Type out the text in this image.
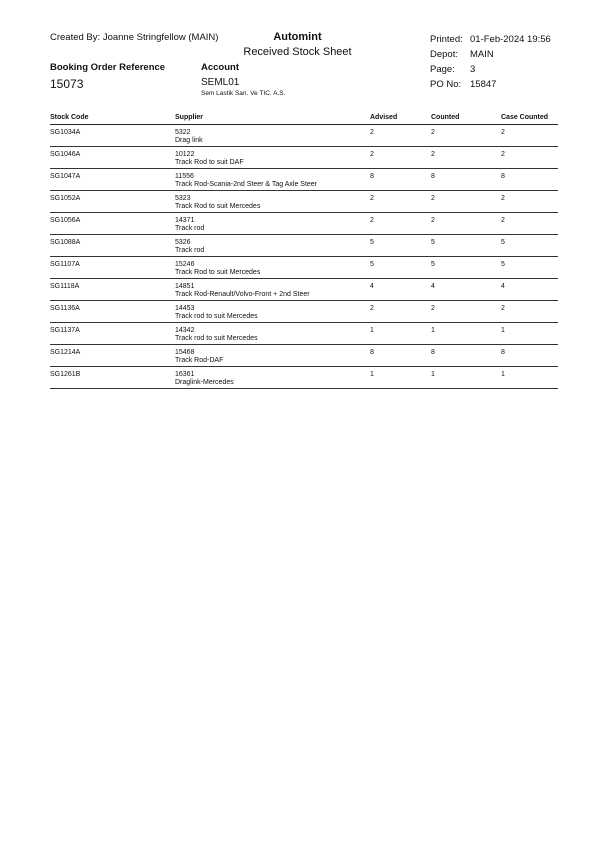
Created By: Joanne Stringfellow (MAIN)	Automint
Received Stock Sheet
Printed: 01-Feb-2024 19:56
Depot:	MAIN
Page:	3
PO No: 15847
Booking Order Reference
15073
Account
SEML01
Sem Lastik San. Ve TIC. A.S.
Stock Code	Supplier	Advised	Counted	Case Counted
SG1034A	5322	2	2	2
Drag link
SG1046A	10122	2	2	2
Track Rod to suit DAF
SG1047A	11556	8	8	8
Track Rod-Scania-2nd Steer & Tag Axle Steer
SG1052A	5323	2	2	2
Track Rod to suit Mercedes
SG1056A	14371	2	2	2
Track rod
SG1088A	5326	5	5	5
Track rod
SG1107A	15246	5	5	5
Track Rod to suit Mercedes
SG1118A	14851	4	4	4
Track Rod-Renault/Volvo-Front + 2nd Steer
SG1136A	14453	2	2	2
Track rod to suit Mercedes
SG1137A	14342	1	1	1
Track rod to suit Mercedes
SG1214A	15468	8	8	8
Track Rod-DAF
SG1261B	16361	1	1	1
Draglink-Mercedes
